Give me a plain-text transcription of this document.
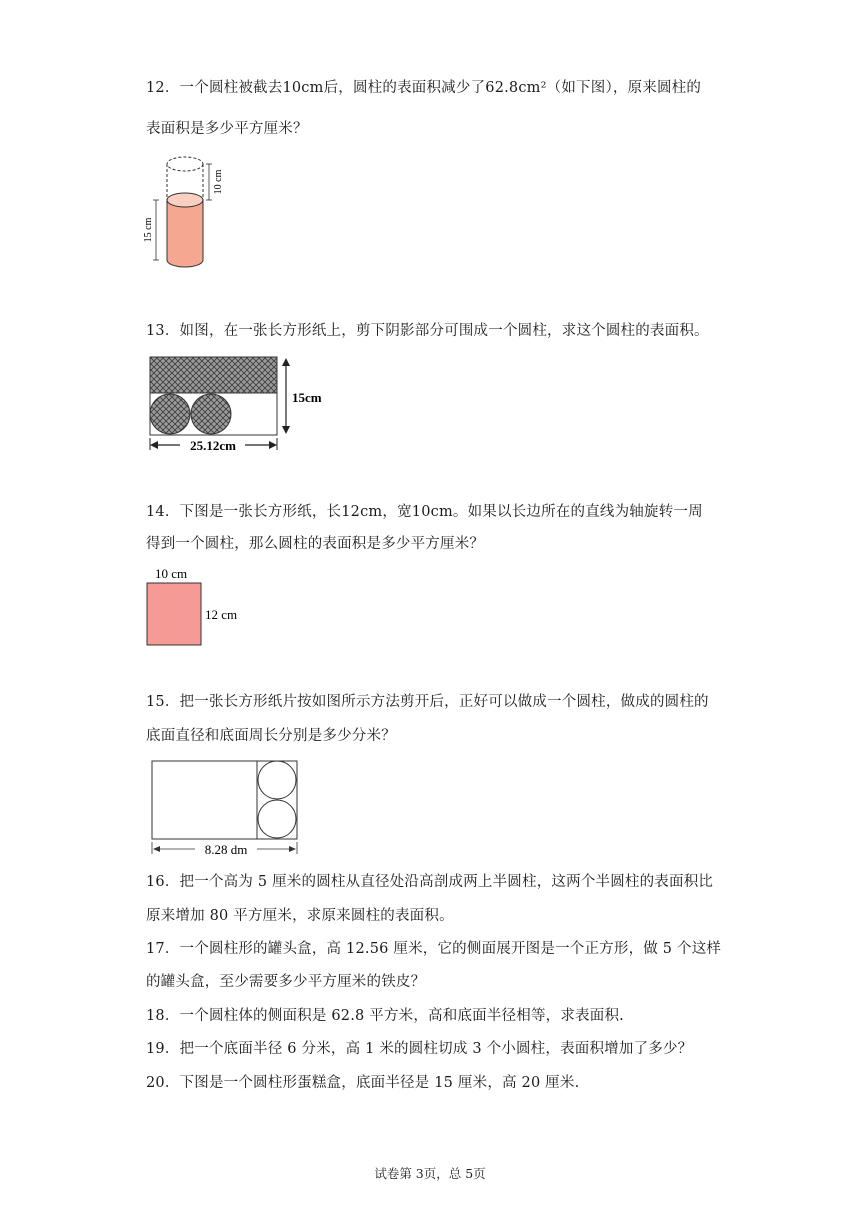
12．一个圆柱被截去10cm后，圆柱的表面积减少了62.8cm²（如下图），原来圆柱的
表面积是多少平方厘米？
10 cm
15 cm
13．如图，在一张长方形纸上，剪下阴影部分可围成一个圆柱，求这个圆柱的表面积。
15cm
25.12cm
14．下图是一张长方形纸，长12cm，宽10cm。如果以长边所在的直线为轴旋转一周
得到一个圆柱，那么圆柱的表面积是多少平方厘米？
10 cm
12 cm
15．把一张长方形纸片按如图所示方法剪开后，正好可以做成一个圆柱，做成的圆柱的
底面直径和底面周长分别是多少分米？
8.28 dm
16．把一个高为 5 厘米的圆柱从直径处沿高剖成两上半圆柱，这两个半圆柱的表面积比
原来增加 80 平方厘米，求原来圆柱的表面积。
17．一个圆柱形的罐头盒，高 12.56 厘米，它的侧面展开图是一个正方形，做 5 个这样
的罐头盒，至少需要多少平方厘米的铁皮？
18．一个圆柱体的侧面积是 62.8 平方米，高和底面半径相等，求表面积.
19．把一个底面半径 6 分米，高 1 米的圆柱切成 3 个小圆柱，表面积增加了多少？
20．下图是一个圆柱形蛋糕盒，底面半径是 15 厘米，高 20 厘米.
试卷第 3页，总 5页
